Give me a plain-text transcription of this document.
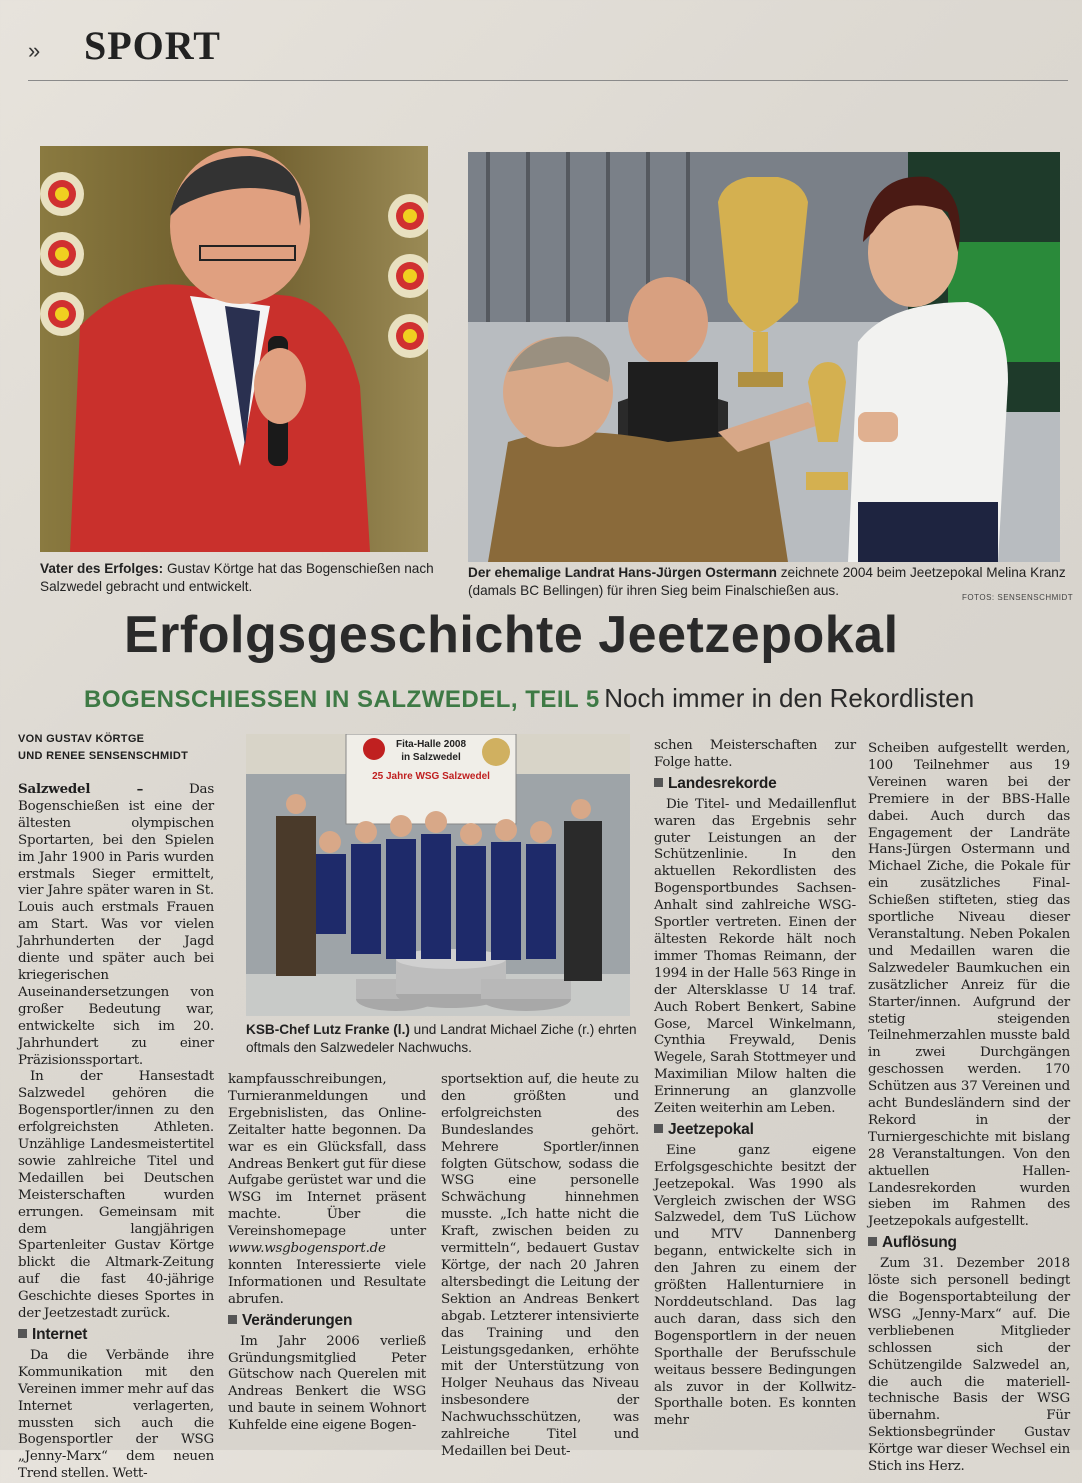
» SPORT
Vater des Erfolges: Gustav Körtge hat das Bogenschießen nach Salzwedel gebracht und entwickelt.
Der ehemalige Landrat Hans-Jürgen Ostermann zeichnete 2004 beim Jeetzepokal Melina Kranz (damals BC Bellingen) für ihren Sieg beim Finalschießen aus.	FOTOS: SENSENSCHMIDT
Erfolgsgeschichte Jeetzepokal
BOGENSCHIESSEN IN SALZWEDEL, TEIL 5 Noch immer in den Rekordlisten
VON GUSTAV KÖRTGE
UND RENEE SENSENSCHMIDT
Fita-Halle 2008
in Salzwedel
25 Jahre WSG Salzwedel
KSB-Chef Lutz Franke (l.) und Landrat Michael Ziche (r.) ehrten oftmals den Salzwedeler Nachwuchs.

Salzwedel –	Das Bogenschießen ist eine der ältesten olympischen Sportarten, bei den Spielen im Jahr 1900 in Paris wurden erstmals Sieger ermittelt, vier Jahre später waren in St. Louis auch erstmals Frauen am Start. Was vor vielen Jahrhunderten der Jagd diente und später auch bei kriegerischen Auseinandersetzungen von großer Bedeutung war, entwickelte sich im 20. Jahrhundert zu einer Präzisionssportart.

In der Hansestadt Salzwedel gehören die Bogensportler/innen zu den erfolgreichsten Athleten. Unzählige Landesmeistertitel sowie zahlreiche Titel und Medaillen bei Deutschen Meisterschaften wurden errungen. Gemeinsam mit dem langjährigen Spartenleiter Gustav Körtge blickt die Altmark-Zeitung auf die fast 40-jährige Geschichte dieses Sportes in der Jeetzestadt zurück.

Internet

Da die Verbände ihre Kommunikation mit den Vereinen immer mehr auf das Internet verlagerten, mussten sich auch die Bogensportler der WSG „Jenny-Marx“ dem neuen Trend stellen. Wett-

kampfausschreibungen, Turnieranmeldungen und Ergebnislisten, das Online-Zeitalter hatte begonnen. Da war es ein Glücksfall, dass Andreas Benkert gut für diese Aufgabe gerüstet war und die WSG im Internet präsent machte. Über die Vereinshomepage unter www.wsgbogensport.de konnten Interessierte viele Informationen und Resultate abrufen.

Veränderungen

Im Jahr 2006 verließ Gründungsmitglied Peter Gütschow nach Querelen mit Andreas Benkert die WSG und baute in seinem Wohnort Kuhfelde eine eigene Bogen-

sportsektion auf, die heute zu den größten und erfolgreichsten des Bundeslandes gehört. Mehrere Sportler/innen folgten Gütschow, sodass die WSG eine personelle Schwächung hinnehmen musste. „Ich hatte nicht die Kraft, zwischen beiden zu vermitteln“, bedauert Gustav Körtge, der nach 20 Jahren altersbedingt die Leitung der Sektion an Andreas Benkert abgab. Letzterer intensivierte das Training und den Leistungsgedanken, erhöhte mit der Unterstützung von Holger Neuhaus das Niveau insbesondere der Nachwuchsschützen, was zahlreiche Titel und Medaillen bei Deut-

schen Meisterschaften zur Folge hatte.

Landesrekorde

Die Titel- und Medaillenflut waren das Ergebnis sehr guter Leistungen an der Schützenlinie. In den aktuellen Rekordlisten des Bogensportbundes Sachsen-Anhalt sind zahlreiche WSG-Sportler vertreten. Einen der ältesten Rekorde hält noch immer Thomas Reimann, der 1994 in der Halle 563 Ringe in der Altersklasse U 14 traf. Auch Robert Benkert, Sabine Gose, Marcel Winkelmann, Cynthia Freywald, Denis Wegele, Sarah Stottmeyer und Maximilian Milow halten die Erinnerung an glanzvolle Zeiten weiterhin am Leben.

Jeetzepokal

Eine ganz eigene Erfolgsgeschichte besitzt der Jeetzepokal. Was 1990 als Vergleich zwischen der WSG Salzwedel, dem TuS Lüchow und MTV Dannenberg begann, entwickelte sich in den Jahren zu einem der größten Hallenturniere in Norddeutschland. Das lag auch daran, dass sich den Bogensportlern in der neuen Sporthalle der Berufsschule weitaus bessere Bedingungen als zuvor in der Kollwitz-Sporthalle boten. Es konnten mehr

Scheiben aufgestellt werden, 100 Teilnehmer aus 19 Vereinen waren bei der Premiere in der BBS-Halle dabei. Auch durch das Engagement der Landräte Hans-Jürgen Ostermann und Michael Ziche, die Pokale für ein zusätzliches Final-Schießen stifteten, stieg das sportliche Niveau dieser Veranstaltung. Neben Pokalen und Medaillen waren die Salzwedeler Baumkuchen ein zusätzlicher Anreiz für die Starter/innen. Aufgrund der stetig steigenden Teilnehmerzahlen musste bald in zwei Durchgängen geschossen werden. 170 Schützen aus 37 Vereinen und acht Bundesländern sind der Rekord in der Turniergeschichte mit bislang 28 Veranstaltungen. Von den aktuellen Hallen-Landesrekorden wurden sieben im Rahmen des Jeetzepokals aufgestellt.

Auflösung

Zum 31. Dezember 2018 löste sich personell bedingt die Bogensportabteilung der WSG „Jenny-Marx“ auf. Die verbliebenen Mitglieder schlossen sich der Schützengilde Salzwedel an, die auch die materiell-technische Basis der WSG übernahm. Für Sektionsbegründer Gustav Körtge war dieser Wechsel ein Stich ins Herz.
